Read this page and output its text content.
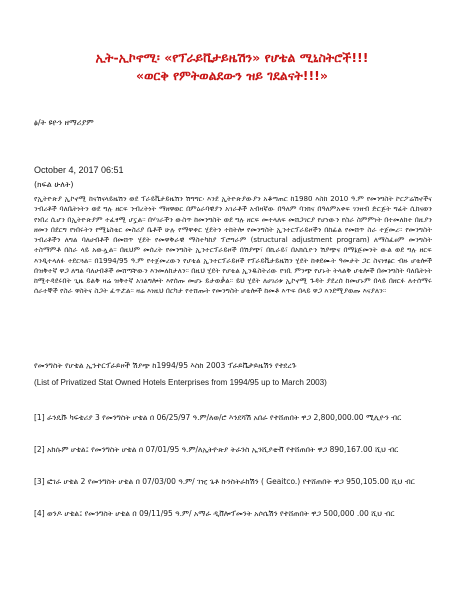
ኢት-ኢኮኖሚ፡ «የፕራይቬታይዜሽን» የሆቴል ሚኒስትሮች!!!
«ወርቅ የምትወልደውን ዝይ ገደልናት!!!»
ፅ/ት ዩዮን ዘማሪያም
October 4, 2017 06:51
(ክፍል ሁለት)
የኢትዮጵያ ኢኮኖሚ ከናሽናላይዜሽን ወደ ፕራይቬታይዜሽን ሽግግር፡ እንደ ኢትዮጵያውያን አቆጣጠር ከ1980 እስከ 2010 ዓ.ም የመንግስት ኮርፖሬሽኖችና ንብረቶች ባለቤትነትን ወደ ግሉ ዘርፍ ንብረትነት ማዘዋወር በምዕራባዊያን አገራቶች አብዛኛው በዓለም ባንክና በዓለምአቀፍ ገንዘብ ድርጅት ግፊት ሲከናወን የነበረ ሲሆን በኢትዮጵያም ተፈፃሚ ሆኗል። በሃገራችን ውስጥ ከመንግስት ወደ ግሉ ዘርፍ መተላለፍ መሸጋገርያ የሆነውን የስራ ስምምነት በተመለከተ በዚያን ዘመን በደርግ የነበሩትን የሚኒስቴር መስሪያ ቤቶች ሁሉ የማዋቀር ሂደትን ተከትሎ የመንግስት ኢንተርፕራይዞችን በከፊል የመሸጥ ስራ ተጀመረ። የመንግስት ንብረቶችን ለግል ባለሀብቶች በመሸጥ ሂደት የመዋቅራዊ ማስተካከያ ፕሮግራም (structural adjustment program) ለማስፈፀም መንግስት ተስማምቶ በስራ ላይ አውሏል። በዚህም መሰረት የመንግስት ኢንተርፕራይዞች በሽያጭ፣ በኪራይ፣ በአክሲዮን ሽያጭና በማኔጅመንት ውል ወደ ግሉ ዘርፍ እንዲተላለፉ ተደርጓል። በ1994/95 ዓ.ም የተጀመረውን የሆቴል ኢንተርፕራይዞች የፕራይቬታይዜሽን ሂደት ከቀደሙት ዓመታት ጋር ስናነፃፅር ብዙ ሆቴሎች በዝቅተኛ ዋጋ ለግል ባለሀብቶች መሸጣቸውን እንመለከታለን። በዚህ ሂደት የሆቴል ኢንዱስትሪው የገቢ ምንጭ የሆኑት ትላልቅ ሆቴሎች በመንግስት ባለቤትነት ከሚተዳደሩበት ጊዜ ይልቅ ዛሬ ዝቅተኛ አገልግሎት እየሰጡ መሆኑ ይታወቃል። ይህ ሂደት ለሀገሪቱ ኢኮኖሚ ጉዳት ያደረሰ ከመሆኑም በላይ በዘርፉ ለተሰማሩ ሰራተኞች የስራ ዋስትና ስጋት ፈጥሯል። ዛሬ እነዚህ በርካታ የተሸጡት የመንግስት ሆቴሎች ከመቶ እጥፍ በላይ ዋጋ እንደሚያወጡ እናያለን።
የመንግስት የሆቴል ኢንተርፕራይዞች ሽያጭ ከ1994/95 እስከ 2003 ፕራይቬታይዜሽን የተደረጉ
(List of Privatized Stat Owned Hotels Enterprises from 1994/95 up to March 2003)
[1] ራንዴቩ ካፍቴሪያ 3 የመንግስት ሆቴል በ 06/25/97 ዓ.ም/ለወ/ሮ እንደሻሽ አበራ የተሸጠበት ዋጋ 2,800,000.00 ሚሊዮን ብር
[2] አክሱም ሆቴል፤ የመንግስት ሆቴል በ 07/01/95 ዓ.ም/ለኢትዮጵያ ትራንስ ኢንሺያቲቭ የተሸጠበት ዋጋ 890,167.00 ሺህ ብር
[3] ፎገራ ሆቴል 2 የመንግስት ሆቴል በ 07/03/00 ዓ.ም/ ገዢ ጌቶ ኩንስትራክሽን ( Geaitco.) የተሸጠበት ዋጋ 950,105.00 ሺህ ብር
[4] ወንዶ ሆቴል፤ የመንግስት ሆቴል በ 09/11/95 ዓ.ም/ አማራ ዲቨሎፕመንት አሶሴሽን የተሸጠበት ዋጋ 500,000 .00 ሺህ ብር
